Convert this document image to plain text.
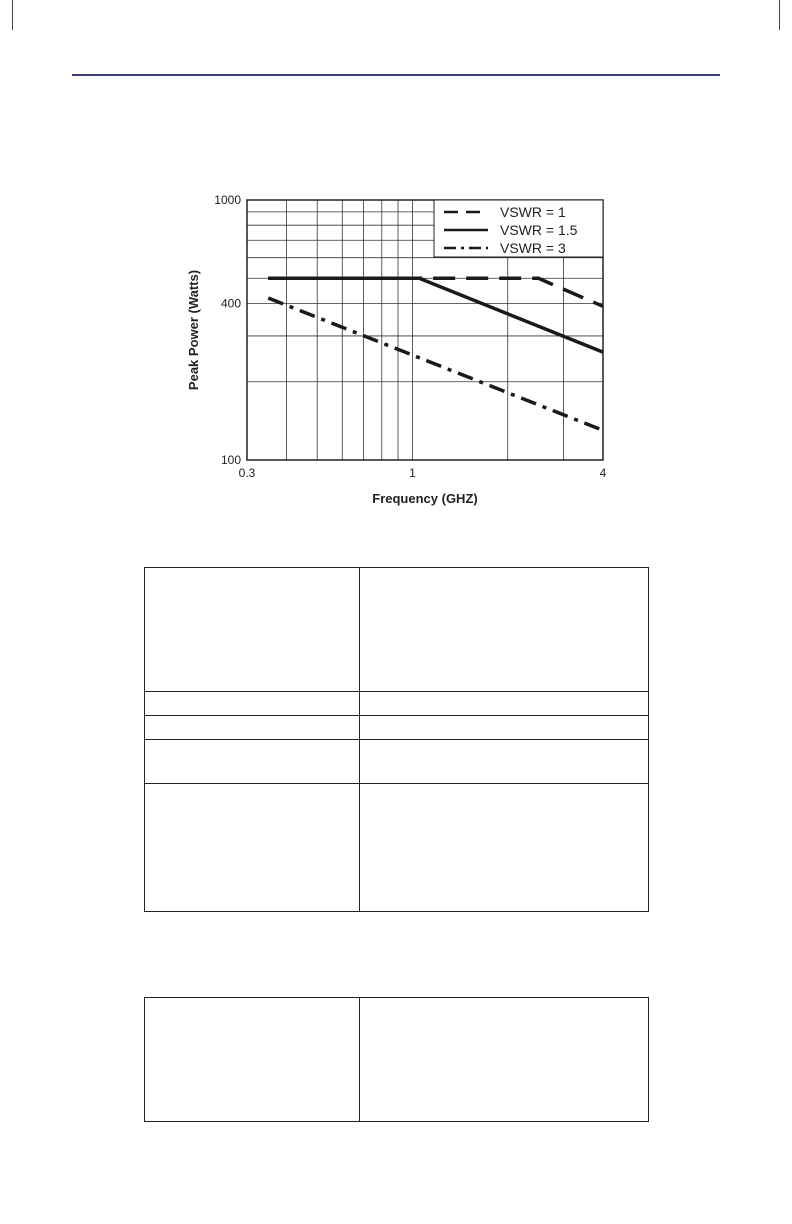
VSWR = 1
VSWR = 1.5
VSWR = 3
0.3	1	4
100
400
1000
Frequency (GHZ)
Peak Power (Watts)
